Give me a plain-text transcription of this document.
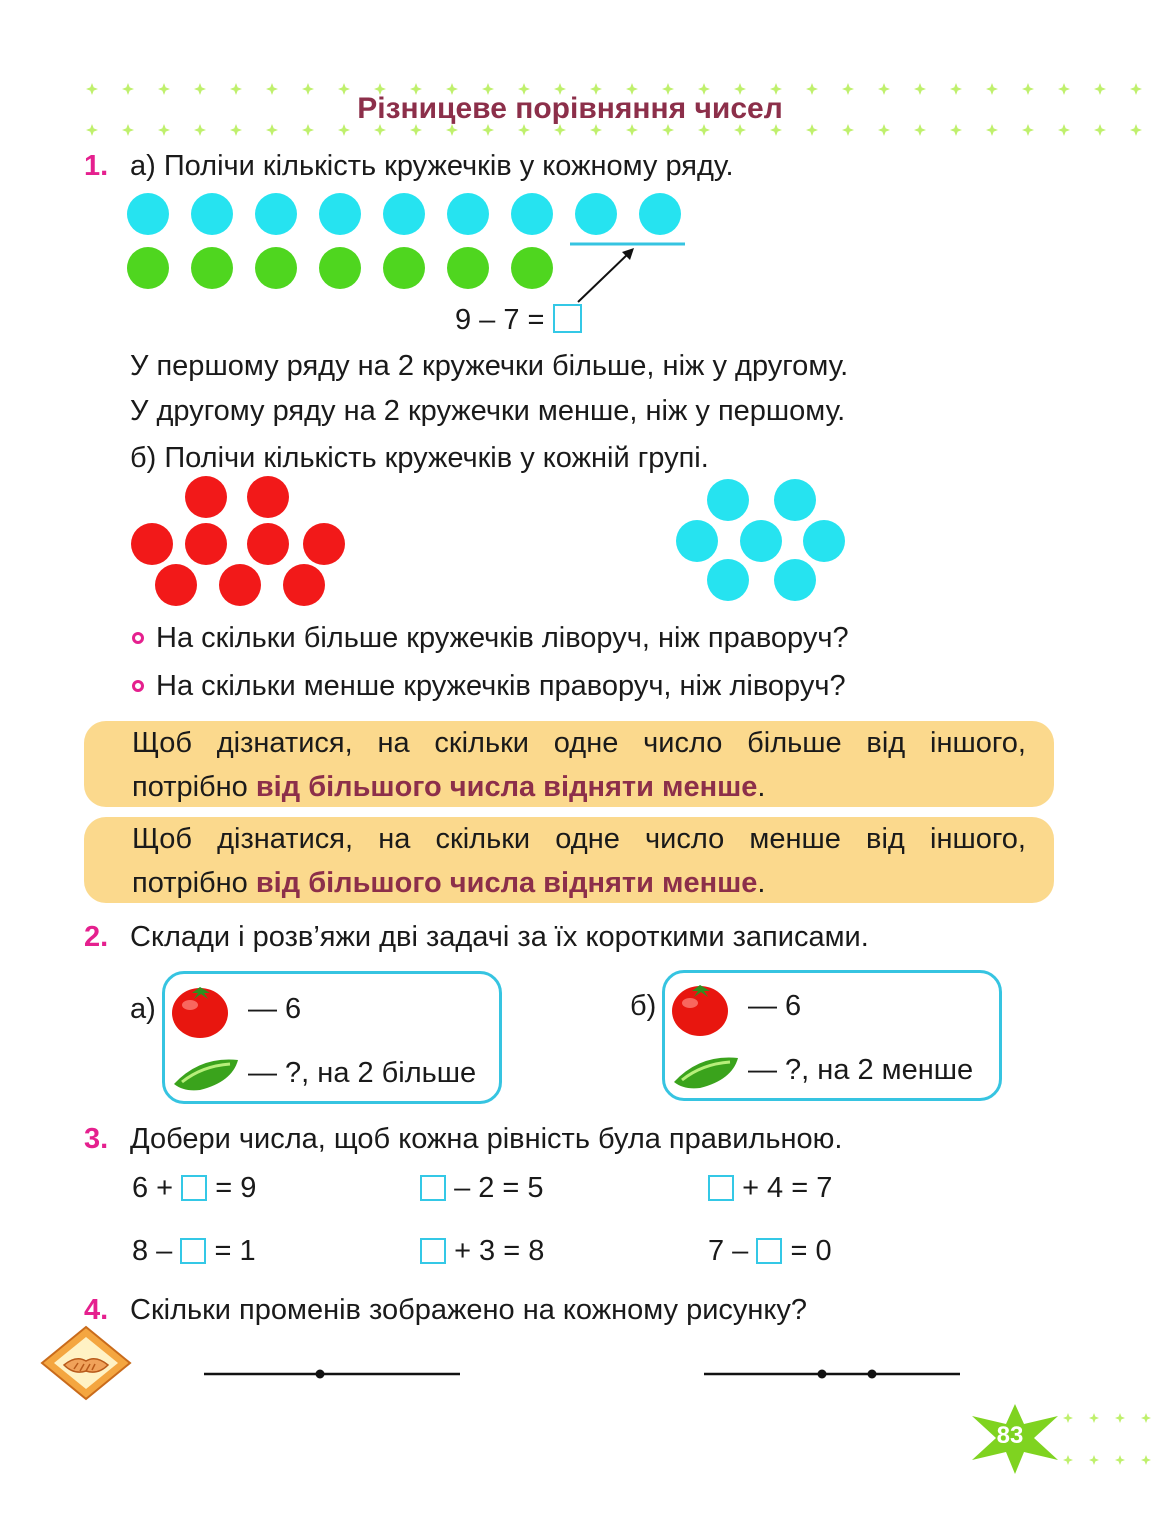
Різницеве порівняння чисел
1. а) Полічи кількість кружечків у кожному ряду.
9 – 7 =
У першому ряду на 2 кружечки більше, ніж у другому.
У другому ряду на 2 кружечки менше, ніж у першому.
б) Полічи кількість кружечків у кожній групі.
На скільки більше кружечків ліворуч, ніж праворуч?
На скільки менше кружечків праворуч, ніж ліворуч?
Щоб дізнатися, на скільки одне число більше від іншого,
потрібно від більшого числа відняти менше.
Щоб дізнатися, на скільки одне число менше від іншого,
потрібно від більшого числа відняти менше.
2. Склади і розв’яжи дві задачі за їх короткими записами.
а)	— 6
— ?, на 2 більше
б)	— 6
— ?, на 2 менше
3. Добери числа, щоб кожна рівність була правильною.
6 + = 9	– 2 = 5	+ 4 = 7
8 – = 1	+ 3 = 8	7 – = 0
4. Скільки променів зображено на кожному рисунку?
83
